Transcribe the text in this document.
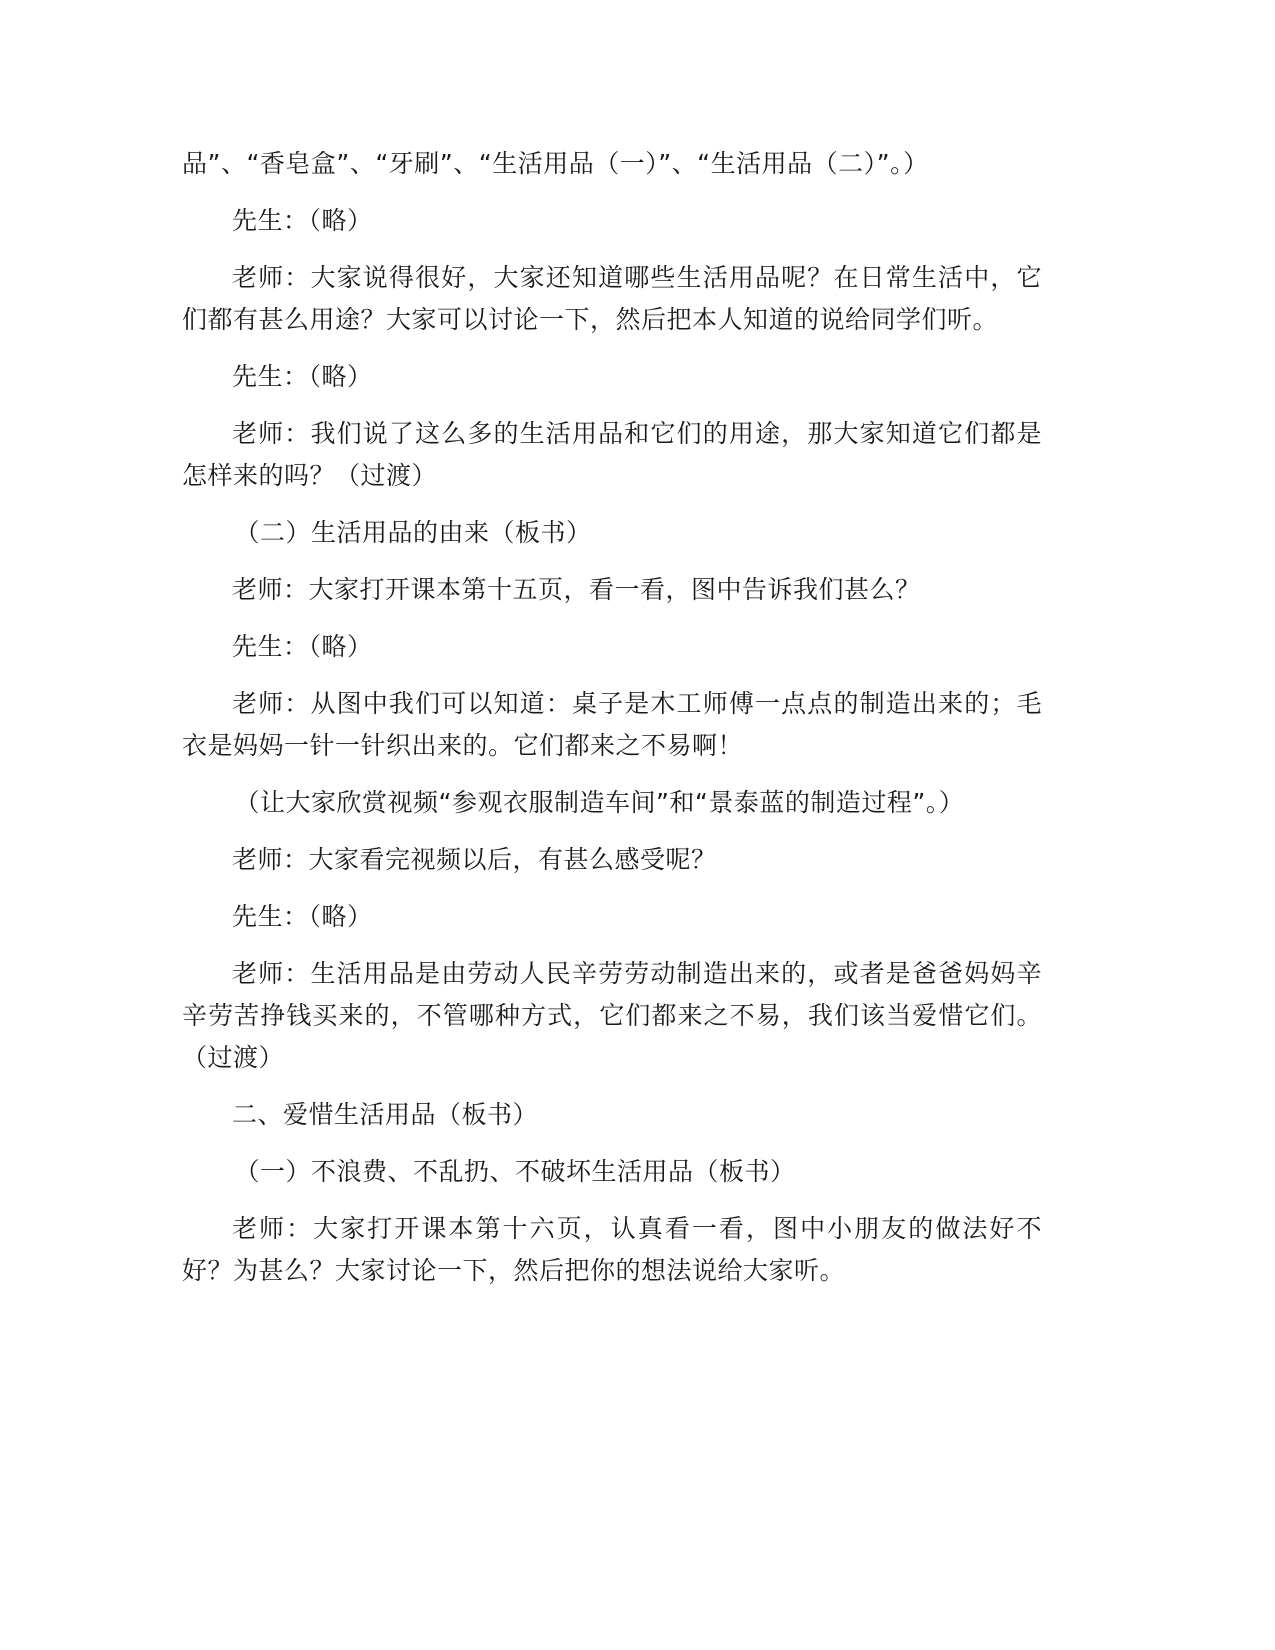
品”、“香皂盒”、“牙刷”、“生活用品（一）”、“生活用品（二）”。）

先生：（略）

老师：大家说得很好，大家还知道哪些生活用品呢？在日常生活中，它们都有甚么用途？大家可以讨论一下，然后把本人知道的说给同学们听。

先生：（略）

老师：我们说了这么多的生活用品和它们的用途，那大家知道它们都是怎样来的吗？（过渡）

（二）生活用品的由来（板书）

老师：大家打开课本第十五页，看一看，图中告诉我们甚么？

先生：（略）

老师：从图中我们可以知道：桌子是木工师傅一点点的制造出来的；毛衣是妈妈一针一针织出来的。它们都来之不易啊！

（让大家欣赏视频“参观衣服制造车间”和“景泰蓝的制造过程”。）

老师：大家看完视频以后，有甚么感受呢？

先生：（略）

老师：生活用品是由劳动人民辛劳劳动制造出来的，或者是爸爸妈妈辛辛劳苦挣钱买来的，不管哪种方式，它们都来之不易，我们该当爱惜它们。（过渡）

二、爱惜生活用品（板书）

（一）不浪费、不乱扔、不破坏生活用品（板书）

老师：大家打开课本第十六页，认真看一看，图中小朋友的做法好不好？为甚么？大家讨论一下，然后把你的想法说给大家听。
